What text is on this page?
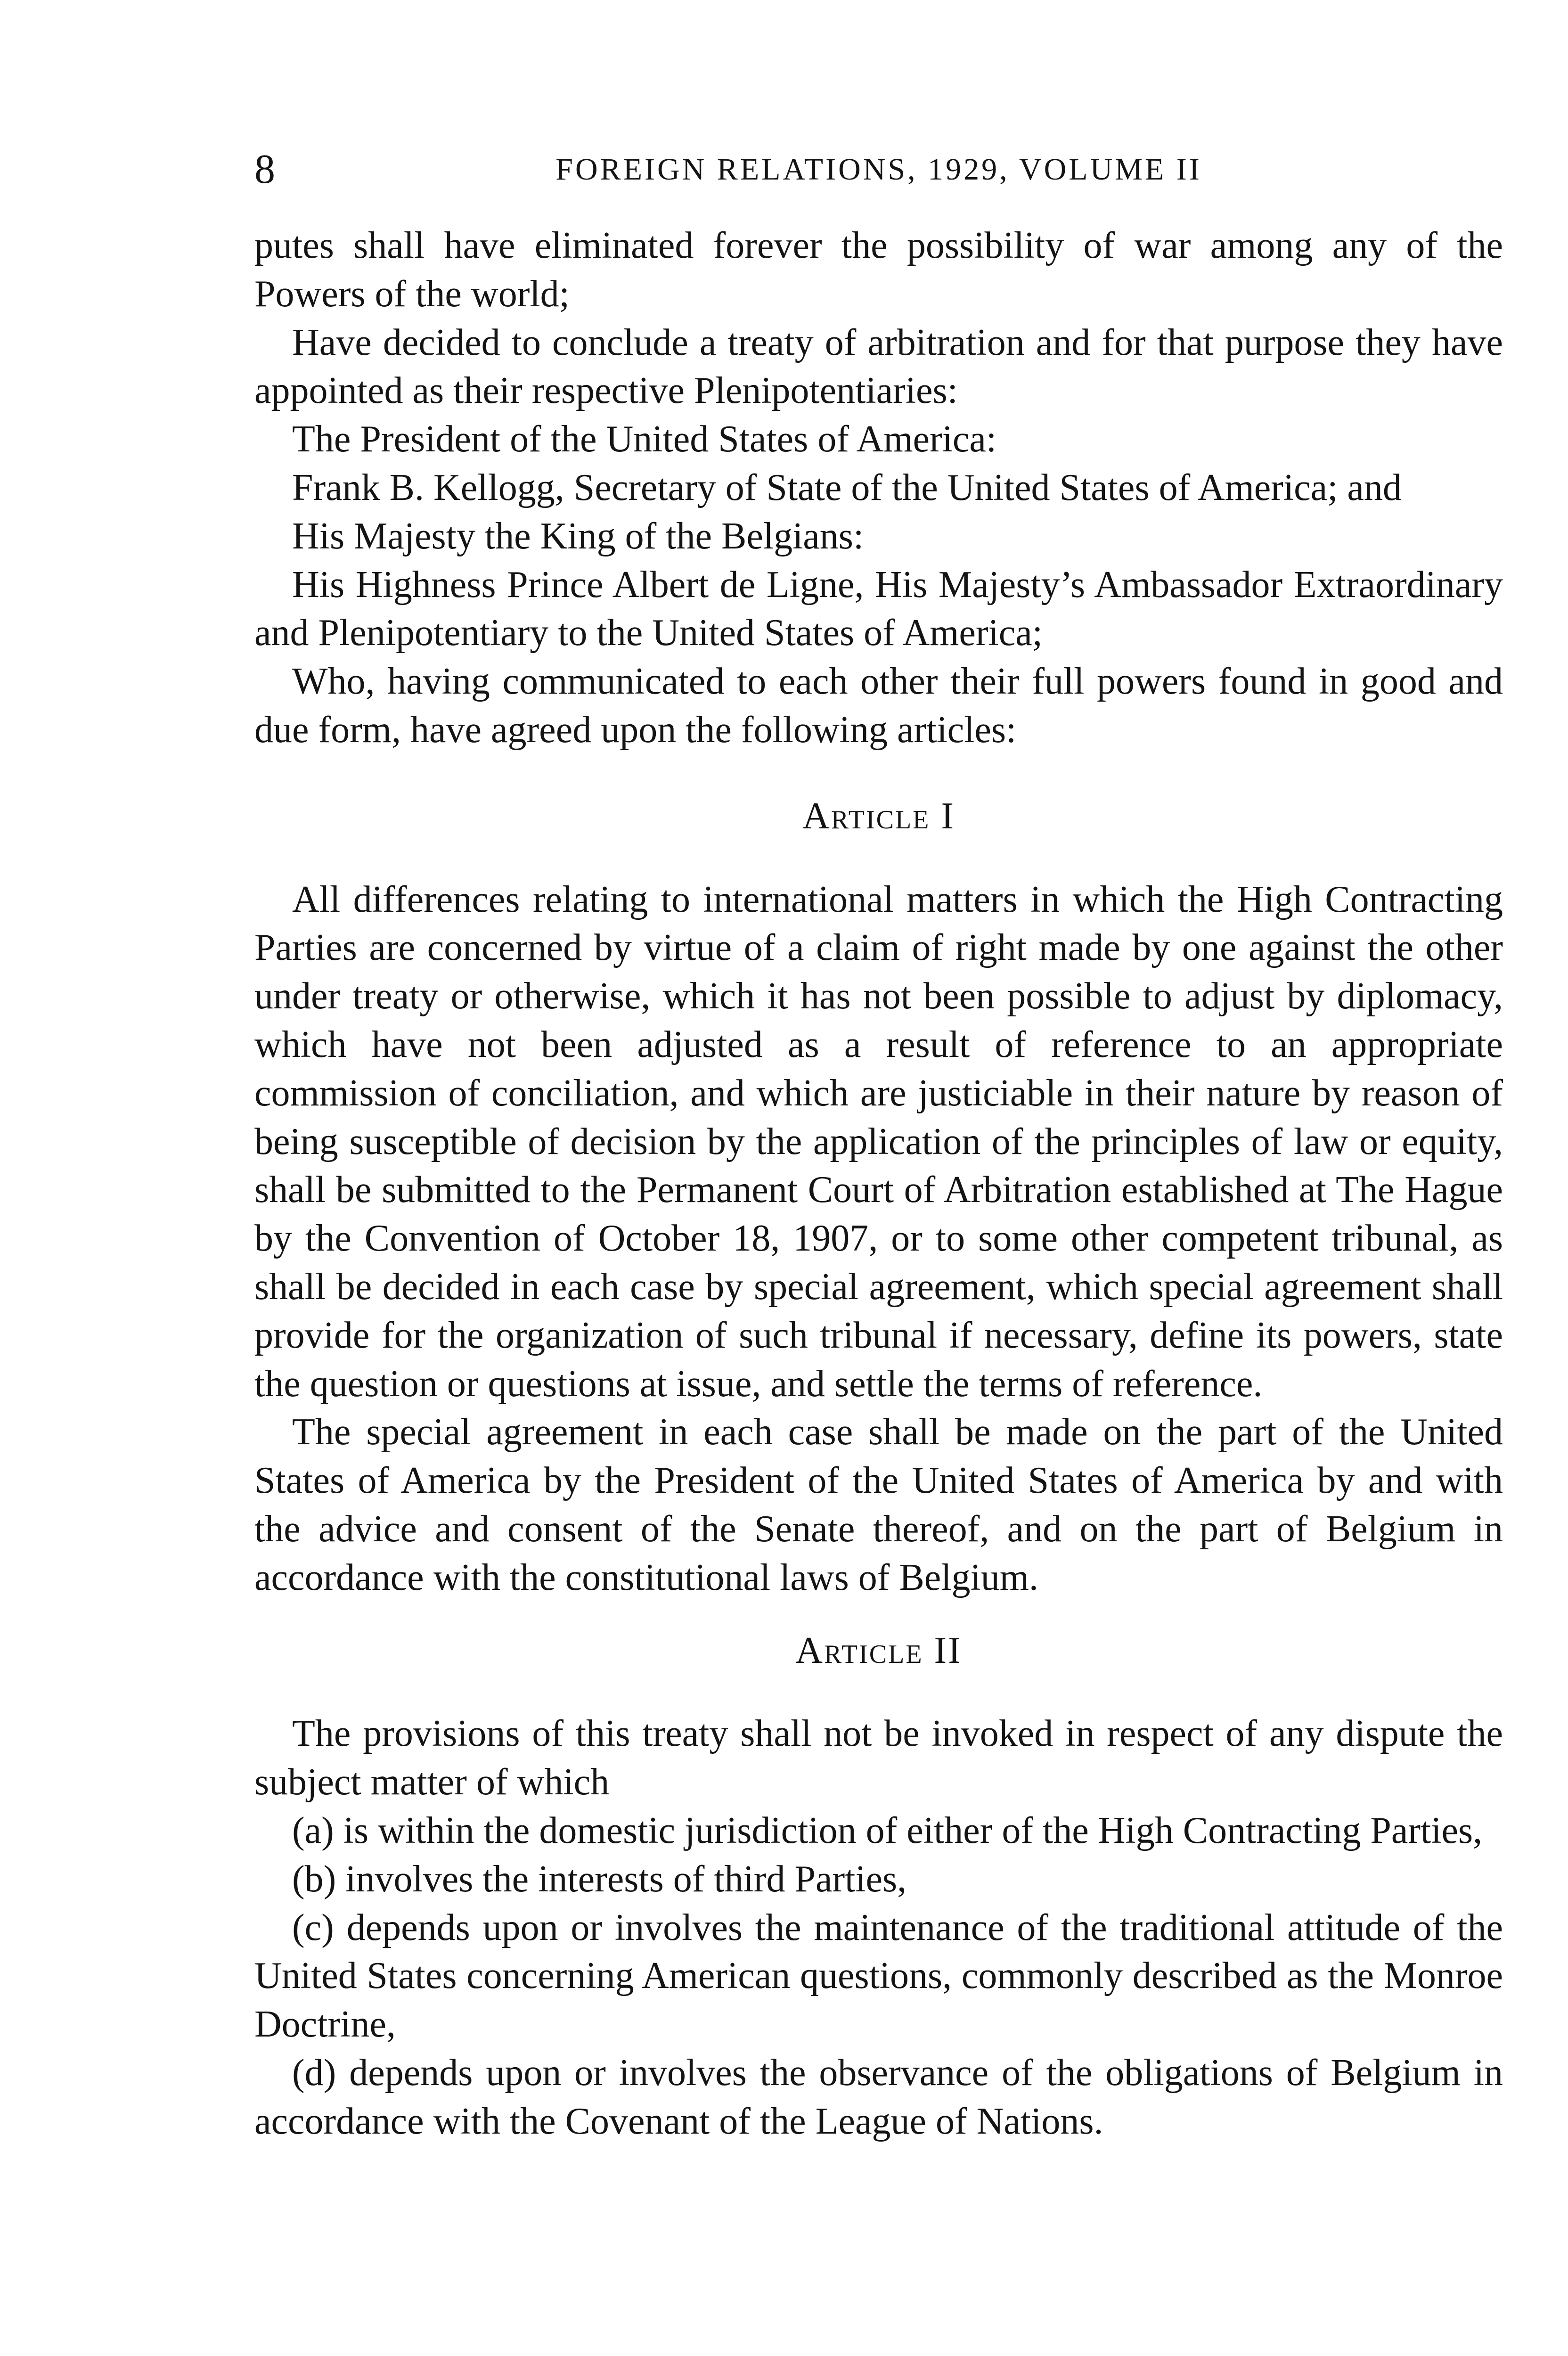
8	FOREIGN RELATIONS, 1929, VOLUME II

putes shall have eliminated forever the possibility of war among any of the Powers of the world;

Have decided to conclude a treaty of arbitration and for that purpose they have appointed as their respective Plenipotentiaries:

The President of the United States of America:

Frank B. Kellogg, Secretary of State of the United States of America; and

His Majesty the King of the Belgians:

His Highness Prince Albert de Ligne, His Majesty’s Ambassador Extraordinary and Plenipotentiary to the United States of America;

Who, having communicated to each other their full powers found in good and due form, have agreed upon the following articles:

Article I

All differences relating to international matters in which the High Contracting Parties are concerned by virtue of a claim of right made by one against the other under treaty or otherwise, which it has not been possible to adjust by diplomacy, which have not been adjusted as a result of reference to an appropriate commission of conciliation, and which are justiciable in their nature by reason of being susceptible of decision by the application of the principles of law or equity, shall be submitted to the Permanent Court of Arbitration established at The Hague by the Convention of October 18, 1907, or to some other competent tribunal, as shall be decided in each case by special agreement, which special agreement shall provide for the organization of such tribunal if necessary, define its powers, state the question or questions at issue, and settle the terms of reference.

The special agreement in each case shall be made on the part of the United States of America by the President of the United States of America by and with the advice and consent of the Senate thereof, and on the part of Belgium in accordance with the constitutional laws of Belgium.

Article II

The provisions of this treaty shall not be invoked in respect of any dispute the subject matter of which

(a) is within the domestic jurisdiction of either of the High Contracting Parties,

(b) involves the interests of third Parties,

(c) depends upon or involves the maintenance of the traditional attitude of the United States concerning American questions, commonly described as the Monroe Doctrine,

(d) depends upon or involves the observance of the obligations of Belgium in accordance with the Covenant of the League of Nations.
